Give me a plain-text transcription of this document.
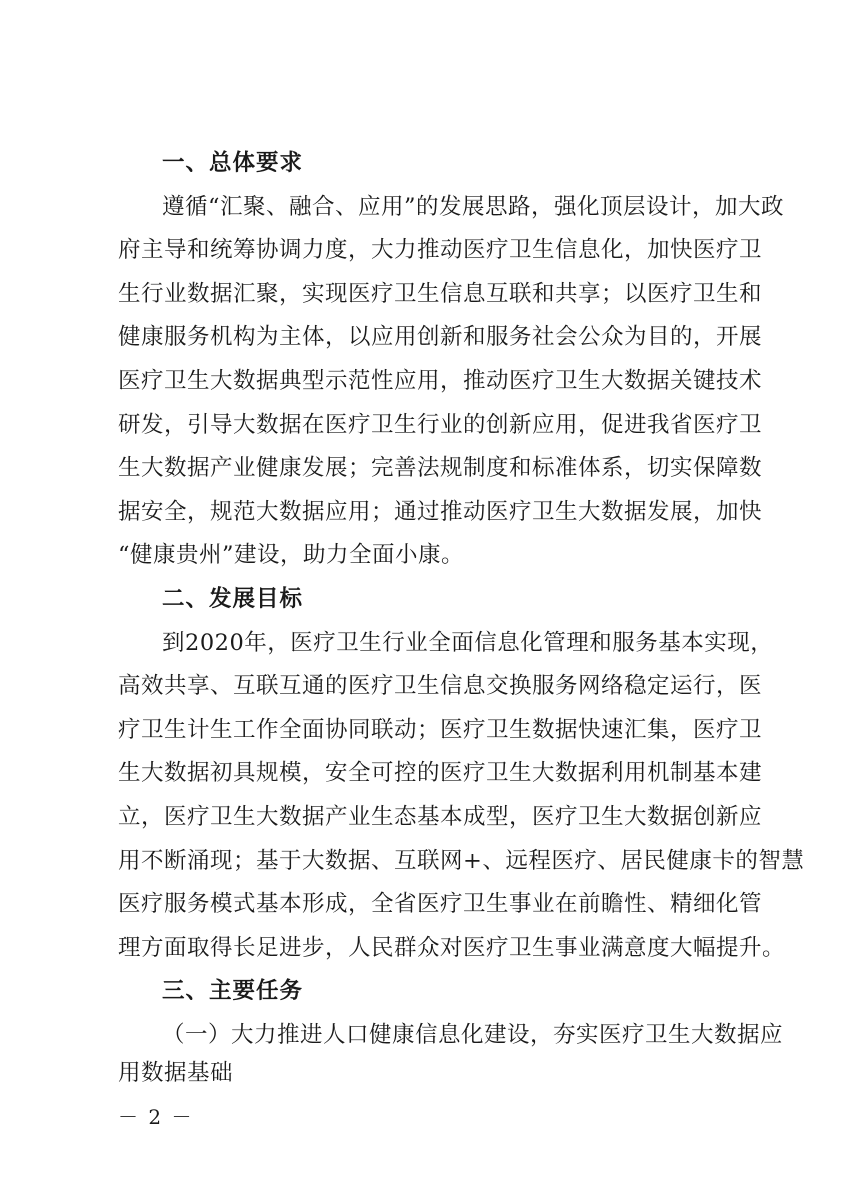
一、总体要求
遵循“汇聚、融合、应用”的发展思路，强化顶层设计，加大政
府主导和统筹协调力度，大力推动医疗卫生信息化，加快医疗卫
生行业数据汇聚，实现医疗卫生信息互联和共享；以医疗卫生和
健康服务机构为主体，以应用创新和服务社会公众为目的，开展
医疗卫生大数据典型示范性应用，推动医疗卫生大数据关键技术
研发，引导大数据在医疗卫生行业的创新应用，促进我省医疗卫
生大数据产业健康发展；完善法规制度和标准体系，切实保障数
据安全，规范大数据应用；通过推动医疗卫生大数据发展，加快
“健康贵州”建设，助力全面小康。
二、发展目标
到2020年，医疗卫生行业全面信息化管理和服务基本实现，
高效共享、互联互通的医疗卫生信息交换服务网络稳定运行，医
疗卫生计生工作全面协同联动；医疗卫生数据快速汇集，医疗卫
生大数据初具规模，安全可控的医疗卫生大数据利用机制基本建
立，医疗卫生大数据产业生态基本成型，医疗卫生大数据创新应
用不断涌现；基于大数据、互联网+、远程医疗、居民健康卡的智慧
医疗服务模式基本形成，全省医疗卫生事业在前瞻性、精细化管
理方面取得长足进步，人民群众对医疗卫生事业满意度大幅提升。
三、主要任务
（一）大力推进人口健康信息化建设，夯实医疗卫生大数据应
用数据基础
－ 2 －
